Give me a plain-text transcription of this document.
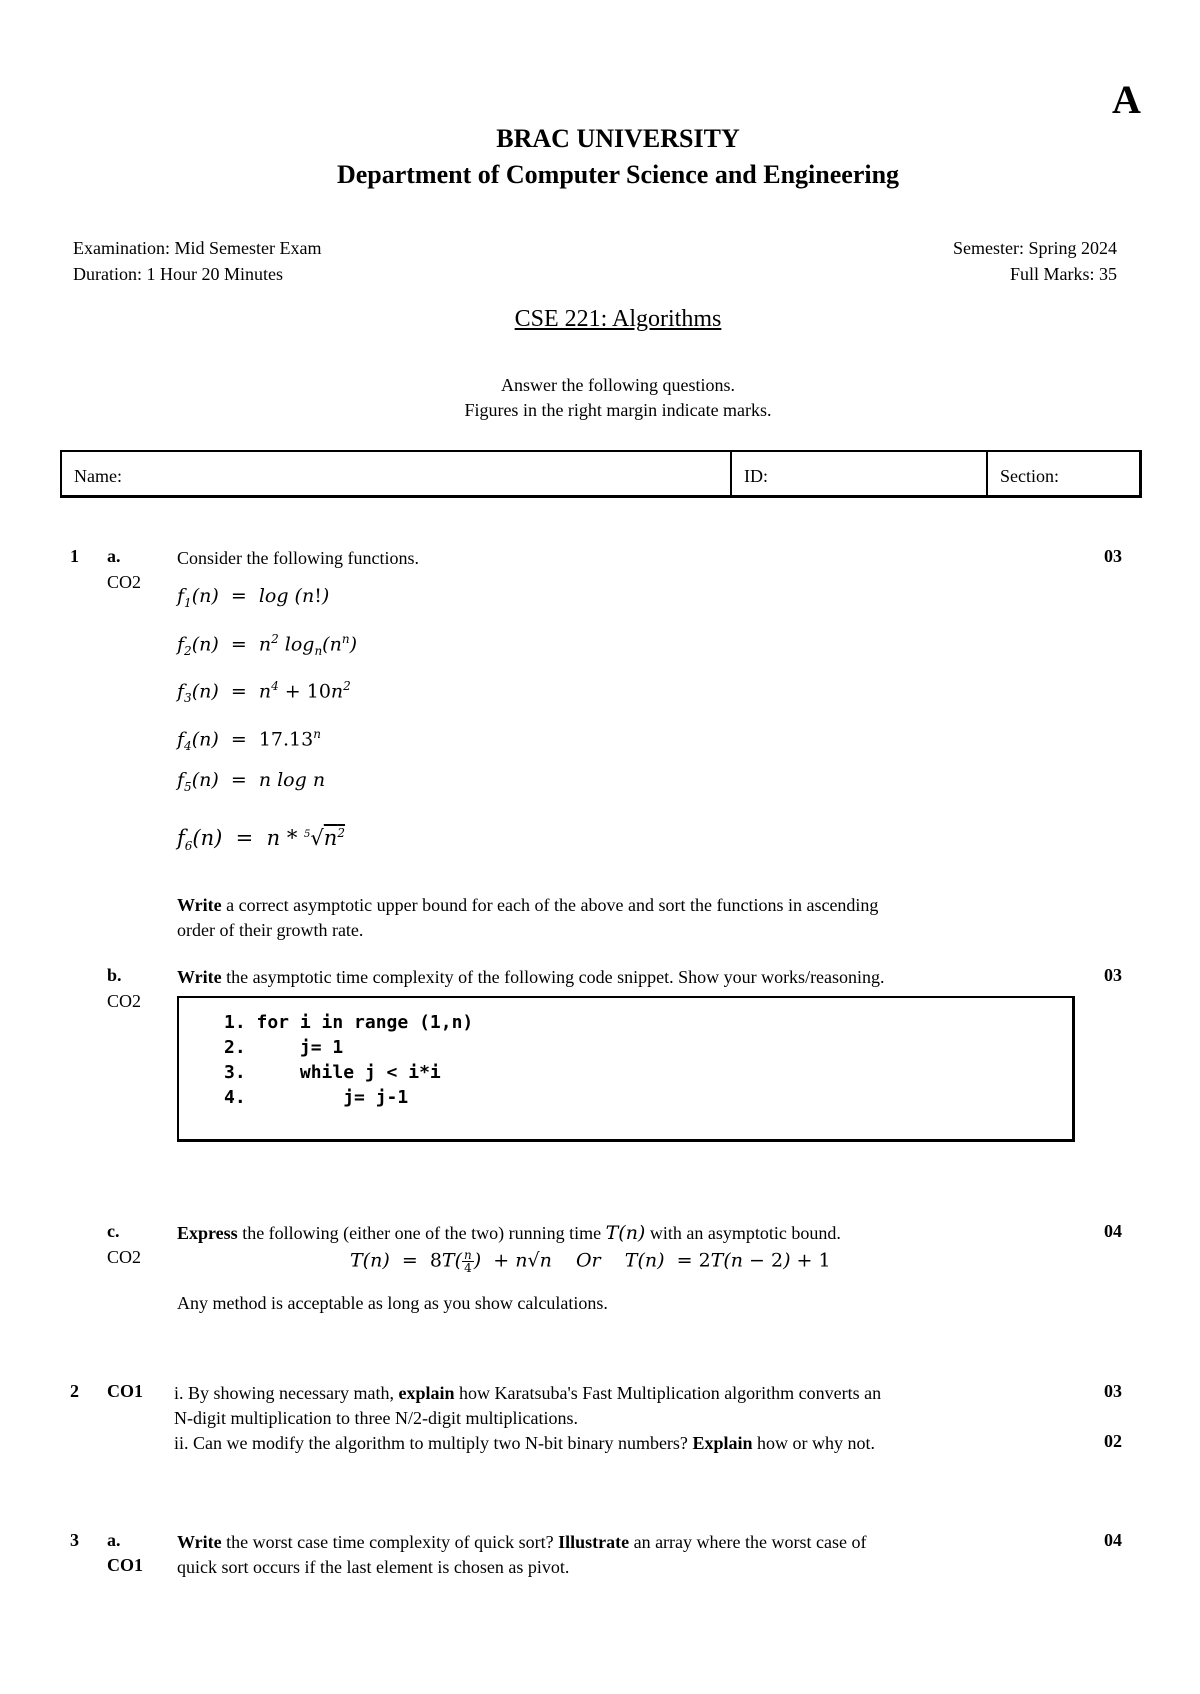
A
BRAC UNIVERSITY
Department of Computer Science and Engineering
Examination: Mid Semester Exam
Duration: 1 Hour 20 Minutes
Semester: Spring 2024
Full Marks: 35
CSE 221: Algorithms
Answer the following questions.
Figures in the right margin indicate marks.
Name:	ID:	Section:
1 a.
CO2
03
Consider the following functions.
$f_1(n) = \log (n!)$
$f_2(n) = n^2$ $\log_n(n^n)$
$f_3(n) = n^4 + 10n^2$
$f_4(n) = 17.13^n$
$f_5(n) = n$ log n
$f_6(n) = n * ^5√n^2$
Write a correct asymptotic upper bound for each of the above and sort the functions in ascending
order of their growth rate.
b.
CO2
03
Write the asymptotic time complexity of the following code snippet. Show your works/reasoning.
1. for i in range (1,n)
2.     j= 1
3.     while j < i*i
4.         j= j-1
c.
CO2
04
Express the following (either one of the two) running time T(n) with an asymptotic bound.
$T(n) = 8T( \frac{n}{4}$ )  + n√n    Or    T(n)  = 2T(n − 2) + 1
Any method is acceptable as long as you show calculations.
2 CO1	03
i. By showing necessary math, explain how Karatsuba's Fast Multiplication algorithm converts an
N-digit multiplication to three N/2-digit multiplications.
ii. Can we modify the algorithm to multiply two N-bit binary numbers? Explain how or why not.	02
3 a.
CO1
04
Write the worst case time complexity of quick sort? Illustrate an array where the worst case of
quick sort occurs if the last element is chosen as pivot.
